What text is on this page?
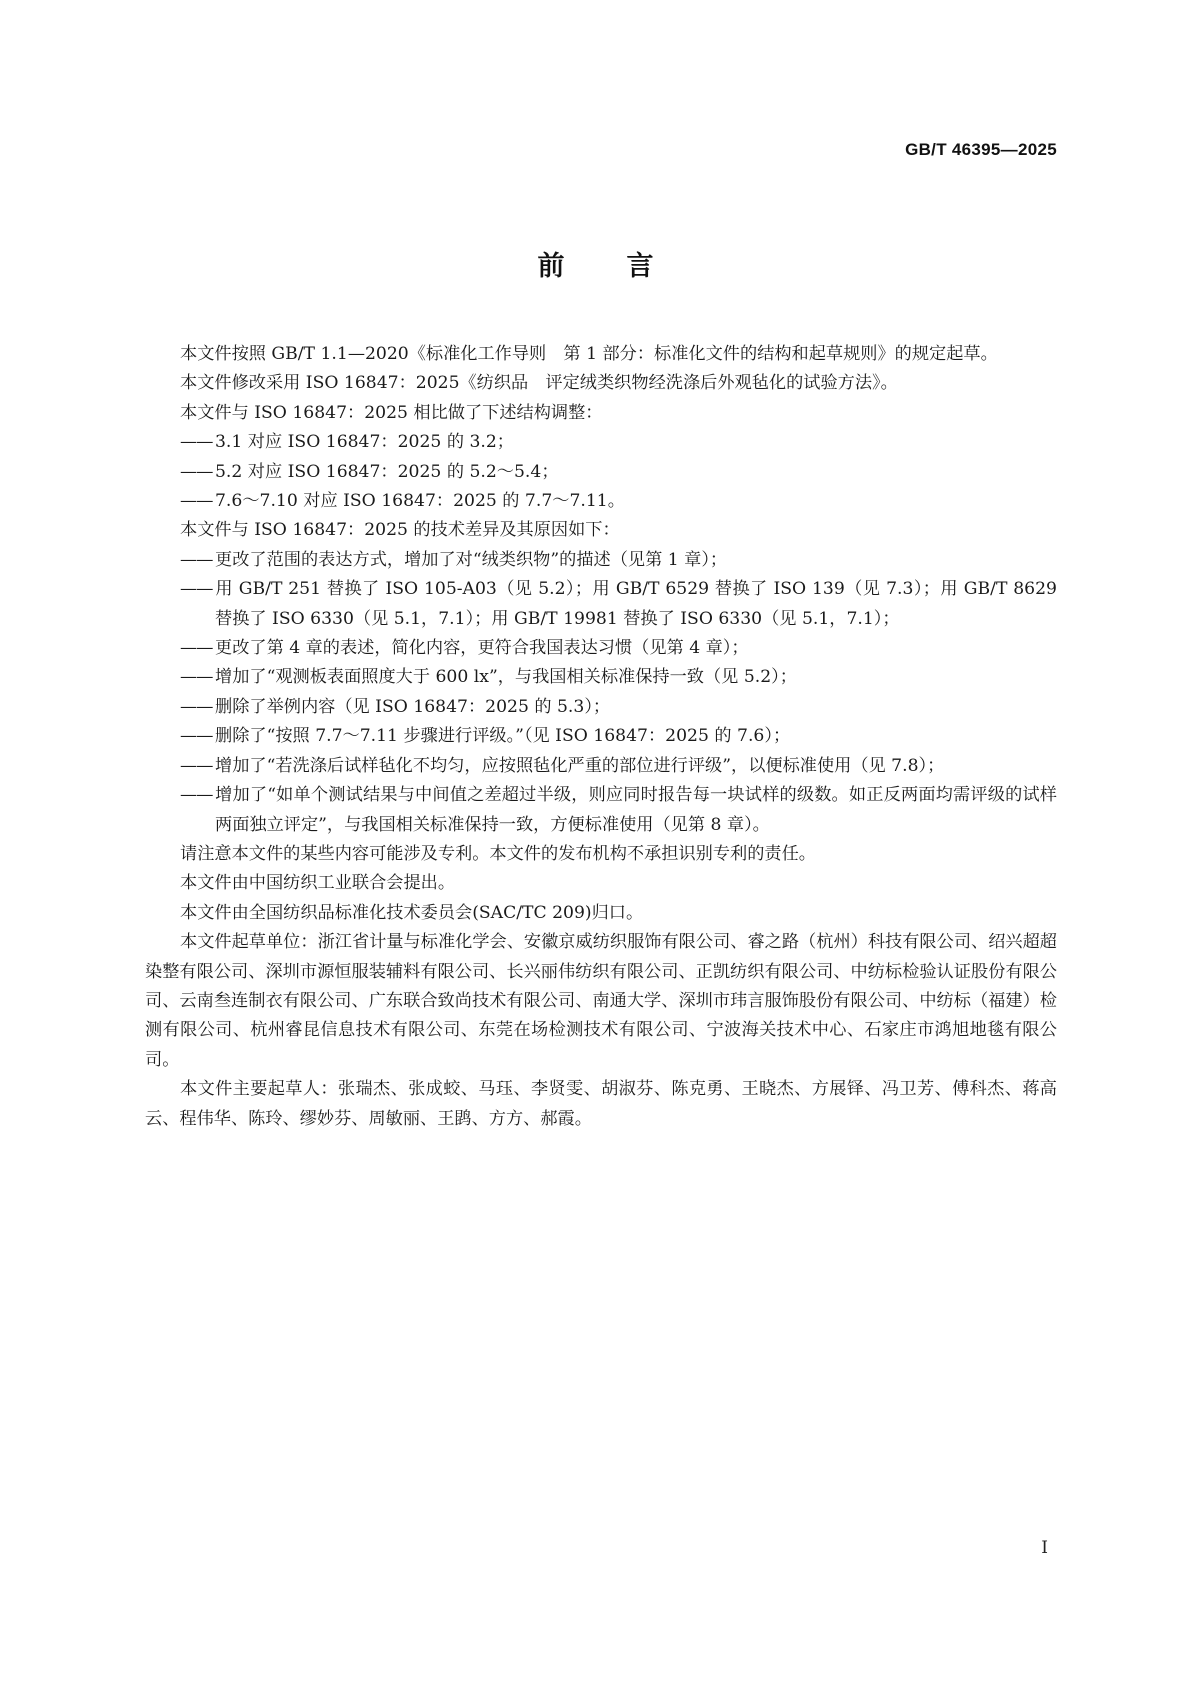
GB/T 46395—2025
前言

本文件按照 GB/T 1.1—2020《标准化工作导则　第 1 部分：标准化文件的结构和起草规则》的规定起草。

本文件修改采用 ISO 16847：2025《纺织品　评定绒类织物经洗涤后外观毡化的试验方法》。

本文件与 ISO 16847：2025 相比做了下述结构调整：

—— 3.1 对应 ISO 16847：2025 的 3.2；

—— 5.2 对应 ISO 16847：2025 的 5.2～5.4；

—— 7.6～7.10 对应 ISO 16847：2025 的 7.7～7.11。

本文件与 ISO 16847：2025 的技术差异及其原因如下：

—— 更改了范围的表达方式，增加了对“绒类织物”的描述（见第 1 章）；

—— 用 GB/T 251 替换了 ISO 105-A03（见 5.2）；用 GB/T 6529 替换了 ISO 139（见 7.3）；用 GB/T 8629 替换了 ISO 6330（见 5.1，7.1）；用 GB/T 19981 替换了 ISO 6330（见 5.1，7.1）；

—— 更改了第 4 章的表述，简化内容，更符合我国表达习惯（见第 4 章）；

—— 增加了“观测板表面照度大于 600 lx”，与我国相关标准保持一致（见 5.2）；

—— 删除了举例内容（见 ISO 16847：2025 的 5.3）；

—— 删除了“按照 7.7～7.11 步骤进行评级。”（见 ISO 16847：2025 的 7.6）；

—— 增加了“若洗涤后试样毡化不均匀，应按照毡化严重的部位进行评级”，以便标准使用（见 7.8）；

—— 增加了“如单个测试结果与中间值之差超过半级，则应同时报告每一块试样的级数。如正反两面均需评级的试样两面独立评定”，与我国相关标准保持一致，方便标准使用（见第 8 章）。

请注意本文件的某些内容可能涉及专利。本文件的发布机构不承担识别专利的责任。

本文件由中国纺织工业联合会提出。

本文件由全国纺织品标准化技术委员会(SAC/TC 209)归口。

本文件起草单位：浙江省计量与标准化学会、安徽京威纺织服饰有限公司、睿之路（杭州）科技有限公司、绍兴超超染整有限公司、深圳市源恒服装辅料有限公司、长兴丽伟纺织有限公司、正凯纺织有限公司、中纺标检验认证股份有限公司、云南叁连制衣有限公司、广东联合致尚技术有限公司、南通大学、深圳市玮言服饰股份有限公司、中纺标（福建）检测有限公司、杭州睿昆信息技术有限公司、东莞在场检测技术有限公司、宁波海关技术中心、石家庄市鸿旭地毯有限公司。

本文件主要起草人：张瑞杰、张成蛟、马珏、李贤雯、胡淑芬、陈克勇、王晓杰、方展铎、冯卫芳、傅科杰、蒋高云、程伟华、陈玲、缪妙芬、周敏丽、王鹍、方方、郝霞。

I
